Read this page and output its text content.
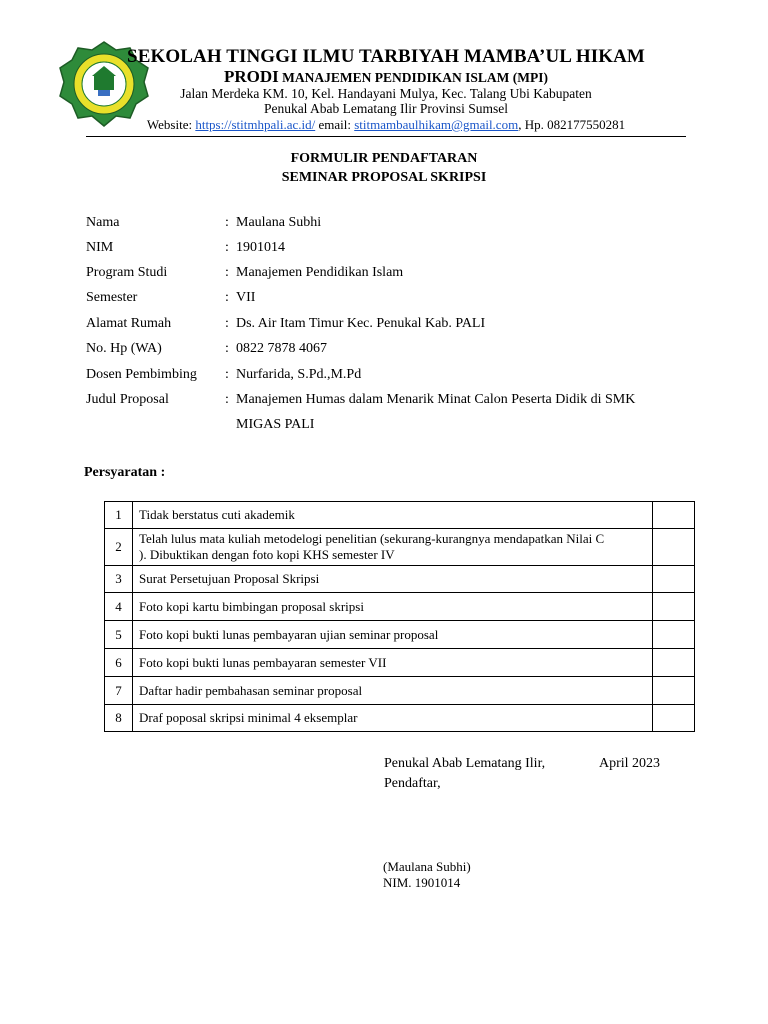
SEKOLAH TINGGI ILMU TARBIYAH MAMBA’UL HIKAM
PRODI MANAJEMEN PENDIDIKAN ISLAM (MPI)
Jalan Merdeka KM. 10, Kel. Handayani Mulya, Kec. Talang Ubi Kabupaten
Penukal Abab Lematang Ilir Provinsi Sumsel
Website: https://stitmhpali.ac.id/ email: stitmambaulhikam@gmail.com, Hp. 082177550281
FORMULIR PENDAFTARAN
SEMINAR PROPOSAL SKRIPSI
Nama	: Maulana Subhi
NIM	: 1901014
Program Studi	: Manajemen Pendidikan Islam
Semester	: VII
Alamat Rumah	: Ds. Air Itam Timur Kec. Penukal Kab. PALI
No. Hp (WA)	: 0822 7878 4067
Dosen Pembimbing : Nurfarida, S.Pd.,M.Pd
Judul Proposal	: Manajemen Humas dalam Menarik Minat Calon Peserta Didik di SMK MIGAS PALI
Persyaratan :
1	Tidak berstatus cuti akademik	
2	Telah lulus mata kuliah metodelogi penelitian (sekurang-kurangnya mendapatkan Nilai C ). Dibuktikan dengan foto kopi KHS semester IV	

3	Surat Persetujuan Proposal Skripsi	
4	Foto kopi kartu bimbingan proposal skripsi	
5	Foto kopi bukti lunas pembayaran ujian seminar proposal	
6	Foto kopi bukti lunas pembayaran semester VII	
7	Daftar hadir pembahasan seminar proposal	
8	Draf poposal skripsi minimal 4 eksemplar	
Penukal Abab Lematang Ilir,	April 2023
Pendaftar,
(Maulana Subhi)
NIM. 1901014
